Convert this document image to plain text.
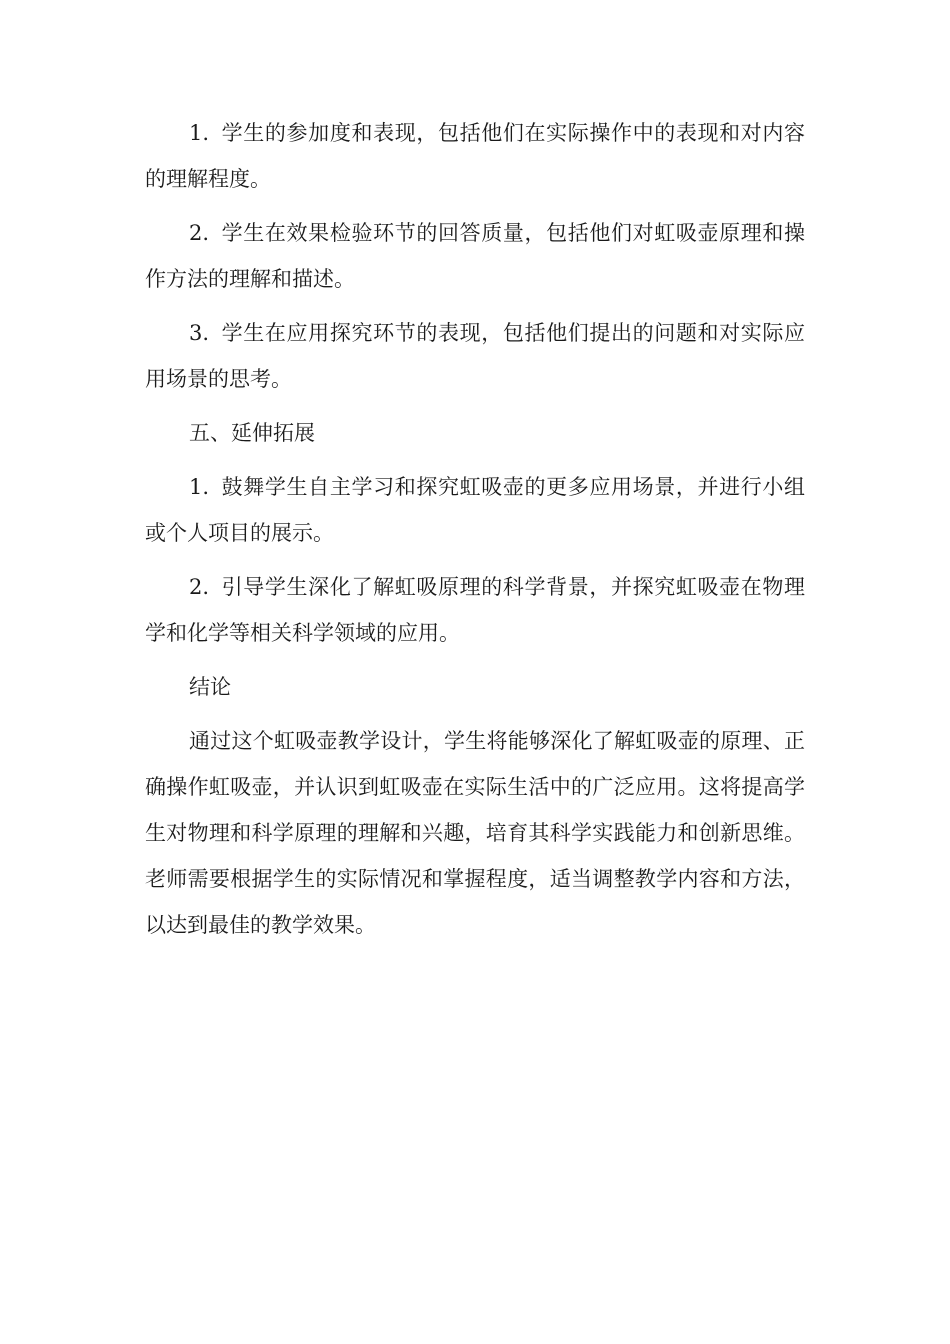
1. 学生的参加度和表现，包括他们在实际操作中的表现和对内容的理解程度。

2. 学生在效果检验环节的回答质量，包括他们对虹吸壶原理和操作方法的理解和描述。

3. 学生在应用探究环节的表现，包括他们提出的问题和对实际应用场景的思考。

五、延伸拓展

1. 鼓舞学生自主学习和探究虹吸壶的更多应用场景，并进行小组或个人项目的展示。

2. 引导学生深化了解虹吸原理的科学背景，并探究虹吸壶在物理学和化学等相关科学领域的应用。

结论

通过这个虹吸壶教学设计，学生将能够深化了解虹吸壶的原理、正确操作虹吸壶，并认识到虹吸壶在实际生活中的广泛应用。这将提高学生对物理和科学原理的理解和兴趣，培育其科学实践能力和创新思维。老师需要根据学生的实际情况和掌握程度，适当调整教学内容和方法，以达到最佳的教学效果。
